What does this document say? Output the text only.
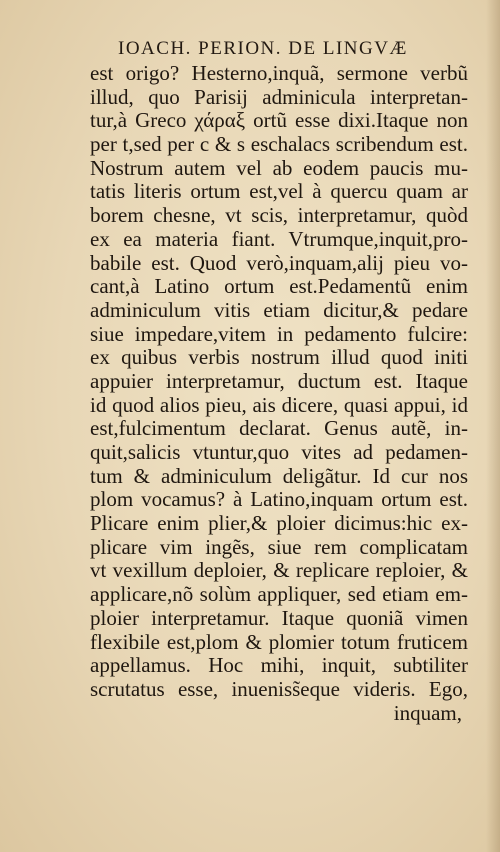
IOACH. PERION. DE LINGVÆ
est origo? Hesterno,inquã, sermone verbũ
illud, quo Parisij adminicula interpretan-
tur,à Greco χάραξ ortũ esse dixi.Itaque non
per t,sed per c & s eschalacs scribendum est.
Nostrum autem vel ab eodem paucis mu-
tatis literis ortum est,vel à quercu quam ar
borem chesne, vt scis, interpretamur, quòd
ex ea materia fiant. Vtrumque,inquit,pro-
babile est. Quod verò,inquam,alij pieu vo-
cant,à Latino ortum est.Pedamentũ enim
adminiculum vitis etiam dicitur,& pedare
siue impedare,vitem in pedamento fulcire:
ex quibus verbis nostrum illud quod initi
appuier interpretamur, ductum est. Itaque
id quod alios pieu, ais dicere, quasi appui, id
est,fulcimentum declarat. Genus autẽ, in-
quit,salicis vtuntur,quo vites ad pedamen-
tum & adminiculum deligãtur. Id cur nos
plom vocamus? à Latino,inquam ortum est.
Plicare enim plier,& ploier dicimus:hic ex-
plicare vim ingẽs, siue rem complicatam
vt vexillum deploier, & replicare reploier, &
applicare,nõ solùm appliquer, sed etiam em-
ploier interpretamur. Itaque quoniã vimen
flexibile est,plom & plomier totum fruticem
appellamus. Hoc mihi, inquit, subtiliter
scrutatus esse, inueniss̃eque videris. Ego,
inquam,
